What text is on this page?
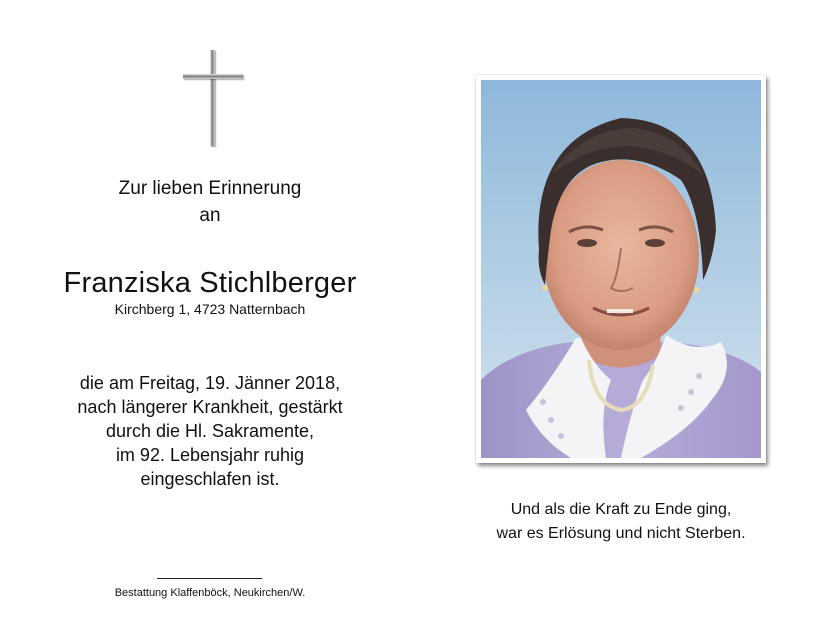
Zur lieben Erinnerung
an
Franziska Stichlberger
Kirchberg 1, 4723 Natternbach
die am Freitag, 19. Jänner 2018,
nach längerer Krankheit, gestärkt
durch die Hl. Sakramente,
im 92. Lebensjahr ruhig
eingeschlafen ist.
Bestattung Klaffenböck, Neukirchen/W.
Und als die Kraft zu Ende ging,
war es Erlösung und nicht Sterben.
